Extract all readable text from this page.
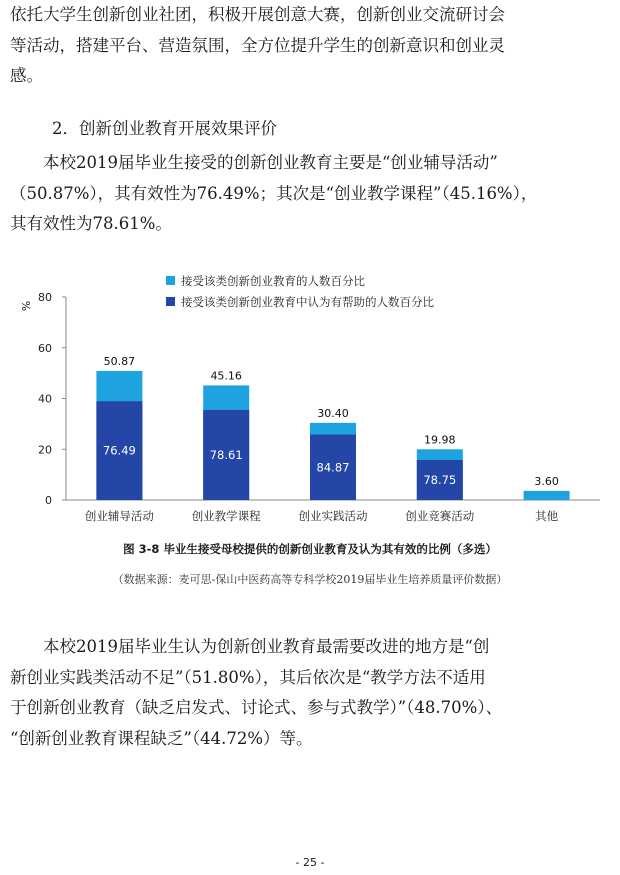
依托大学生创新创业社团，积极开展创意大赛，创新创业交流研讨会
等活动，搭建平台、营造氛围，全方位提升学生的创新意识和创业灵
感。

2．创新创业教育开展效果评价

本校2019届毕业生接受的创新创业教育主要是“创业辅导活动”
（50.87%），其有效性为76.49%；其次是“创业教学课程”（45.16%），
其有效性为78.61%。
接受该类创新创业教育的人数百分比
接受该类创新创业教育中认为有帮助的人数百分比
%
0
20
40
60
80
50.87
76.49
45.16
78.61
30.40
84.87
19.98
78.75	3.60
创业辅导活动	创业教学课程	创业实践活动	创业竞赛活动	其他
图 3-8 毕业生接受母校提供的创新创业教育及认为其有效的比例（多选）
（数据来源：麦可思-保山中医药高等专科学校2019届毕业生培养质量评价数据）
本校2019届毕业生认为创新创业教育最需要改进的地方是“创
新创业实践类活动不足”（51.80%），其后依次是“教学方法不适用
于创新创业教育（缺乏启发式、讨论式、参与式教学）”（48.70%）、
“创新创业教育课程缺乏”（44.72%）等。
- 25 -
